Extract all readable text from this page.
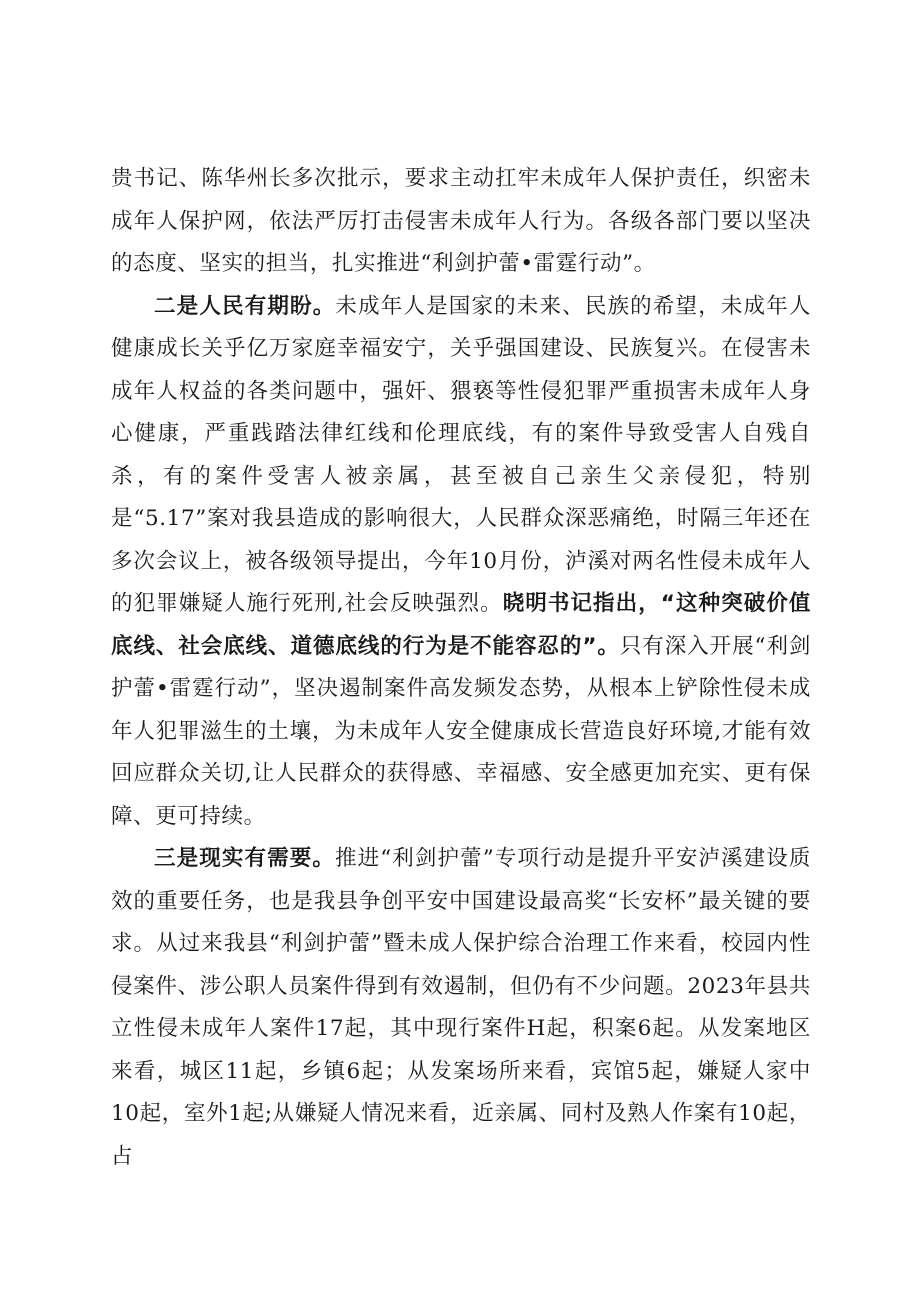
贵书记、陈华州长多次批示，要求主动扛牢未成年人保护责任，织密未成年人保护网，依法严厉打击侵害未成年人行为。各级各部门要以坚决的态度、坚实的担当，扎实推进“利剑护蕾•雷霆行动”。

二是人民有期盼。未成年人是国家的未来、民族的希望，未成年人健康成长关乎亿万家庭幸福安宁，关乎强国建设、民族复兴。在侵害未成年人权益的各类问题中，强奸、猥亵等性侵犯罪严重损害未成年人身心健康，严重践踏法律红线和伦理底线，有的案件导致受害人自残自杀，有的案件受害人被亲属，甚至被自己亲生父亲侵犯，特别是“5.17”案对我县造成的影响很大，人民群众深恶痛绝，时隔三年还在多次会议上，被各级领导提出，今年10月份，泸溪对两名性侵未成年人的犯罪嫌疑人施行死刑,社会反映强烈。晓明书记指出，“这种突破价值底线、社会底线、道德底线的行为是不能容忍的”。只有深入开展“利剑护蕾•雷霆行动”，坚决遏制案件高发频发态势，从根本上铲除性侵未成年人犯罪滋生的土壤，为未成年人安全健康成长营造良好环境,才能有效回应群众关切,让人民群众的获得感、幸福感、安全感更加充实、更有保障、更可持续。

三是现实有需要。推进“利剑护蕾”专项行动是提升平安泸溪建设质效的重要任务，也是我县争创平安中国建设最高奖“长安杯”最关键的要求。从过来我县“利剑护蕾”暨未成人保护综合治理工作来看，校园内性侵案件、涉公职人员案件得到有效遏制，但仍有不少问题。2023年县共立性侵未成年人案件17起，其中现行案件H起，积案6起。从发案地区来看，城区11起，乡镇6起；从发案场所来看，宾馆5起，嫌疑人家中10起，室外1起;从嫌疑人情况来看，近亲属、同村及熟人作案有10起，占
